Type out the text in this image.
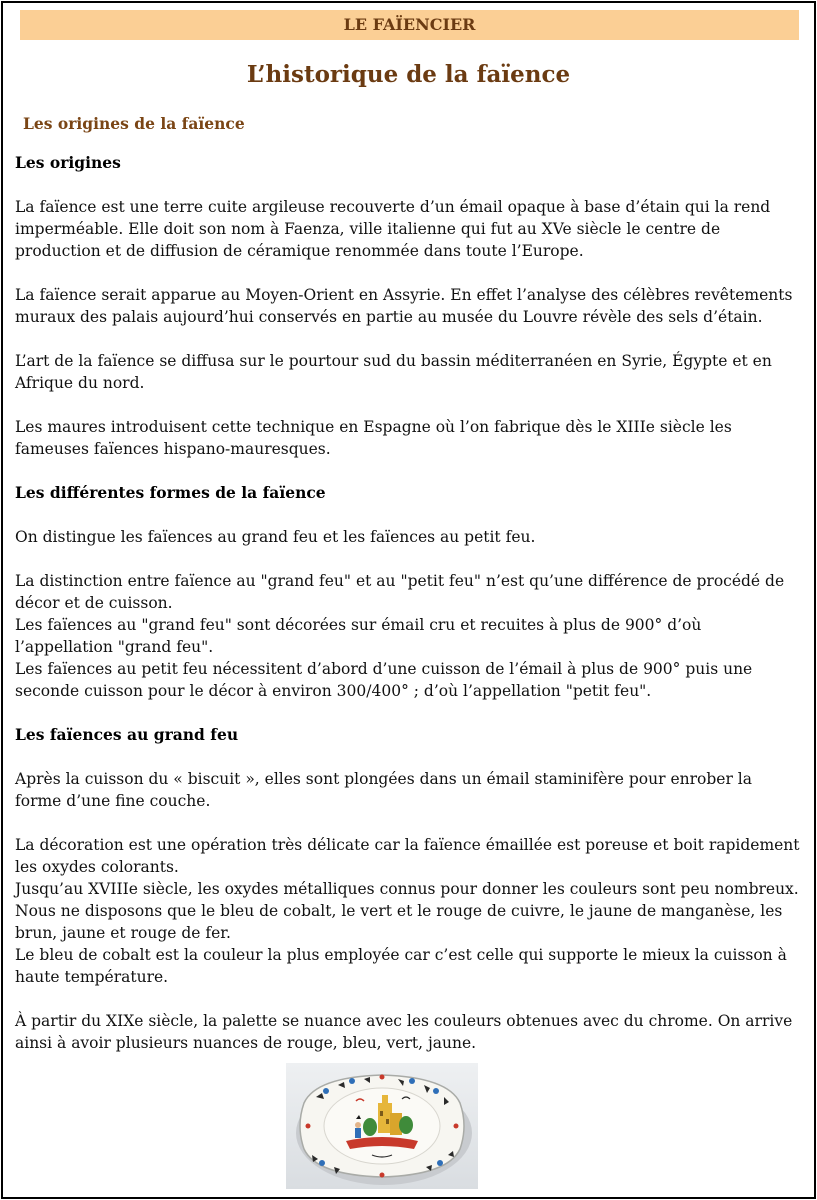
LE FAÏENCIER
L’historique de la faïence
Les origines de la faïence
Les origines

La faïence est une terre cuite argileuse recouverte d’un émail opaque à base d’étain qui la rend imperméable. Elle doit son nom à Faenza, ville italienne qui fut au XVe siècle le centre de production et de diffusion de céramique renommée dans toute l’Europe.

La faïence serait apparue au Moyen-Orient en Assyrie. En effet l’analyse des célèbres revêtements muraux des palais aujourd’hui conservés en partie au musée du Louvre révèle des sels d’étain.

L’art de la faïence se diffusa sur le pourtour sud du bassin méditerranéen en Syrie, Égypte et en Afrique du nord.

Les maures introduisent cette technique en Espagne où l’on fabrique dès le XIIIe siècle les fameuses faïences hispano-mauresques.

Les différentes formes de la faïence

On distingue les faïences au grand feu et les faïences au petit feu.

La distinction entre faïence au "grand feu" et au "petit feu" n’est qu’une différence de procédé de décor et de cuisson.

Les faïences au "grand feu" sont décorées sur émail cru et recuites à plus de 900° d’où l’appellation "grand feu".

Les faïences au petit feu nécessitent d’abord d’une cuisson de l’émail à plus de 900° puis une seconde cuisson pour le décor à environ 300/400° ; d’où l’appellation "petit feu".

Les faïences au grand feu

Après la cuisson du « biscuit », elles sont plongées dans un émail staminifère pour enrober la forme d’une fine couche.

La décoration est une opération très délicate car la faïence émaillée est poreuse et boit rapidement les oxydes colorants.

Jusqu’au XVIIIe siècle, les oxydes métalliques connus pour donner les couleurs sont peu nombreux.

Nous ne disposons que le bleu de cobalt, le vert et le rouge de cuivre, le jaune de manganèse, les brun, jaune et rouge de fer.

Le bleu de cobalt est la couleur la plus employée car c’est celle qui supporte le mieux la cuisson à haute température.

À partir du XIXe siècle, la palette se nuance avec les couleurs obtenues avec du chrome. On arrive ainsi à avoir plusieurs nuances de rouge, bleu, vert, jaune.
